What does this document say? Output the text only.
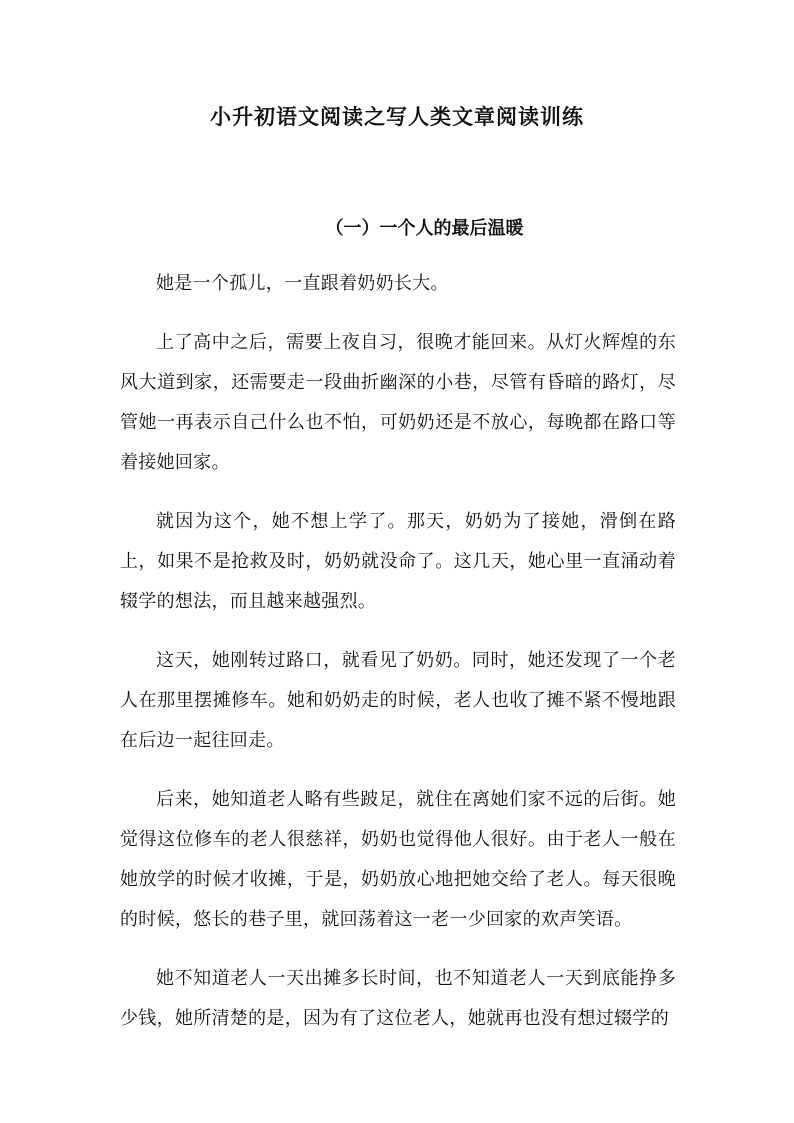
小升初语文阅读之写人类文章阅读训练
（一）一个人的最后温暖

她是一个孤儿，一直跟着奶奶长大。

上了高中之后，需要上夜自习，很晚才能回来。从灯火辉煌的东风大道到家，还需要走一段曲折幽深的小巷，尽管有昏暗的路灯，尽管她一再表示自己什么也不怕，可奶奶还是不放心，每晚都在路口等着接她回家。

就因为这个，她不想上学了。那天，奶奶为了接她，滑倒在路上，如果不是抢救及时，奶奶就没命了。这几天，她心里一直涌动着辍学的想法，而且越来越强烈。

这天，她刚转过路口，就看见了奶奶。同时，她还发现了一个老人在那里摆摊修车。她和奶奶走的时候，老人也收了摊不紧不慢地跟在后边一起往回走。

后来，她知道老人略有些跛足，就住在离她们家不远的后街。她觉得这位修车的老人很慈祥，奶奶也觉得他人很好。由于老人一般在她放学的时候才收摊，于是，奶奶放心地把她交给了老人。每天很晚的时候，悠长的巷子里，就回荡着这一老一少回家的欢声笑语。

她不知道老人一天出摊多长时间，也不知道老人一天到底能挣多少钱，她所清楚的是，因为有了这位老人，她就再也没有想过辍学的
